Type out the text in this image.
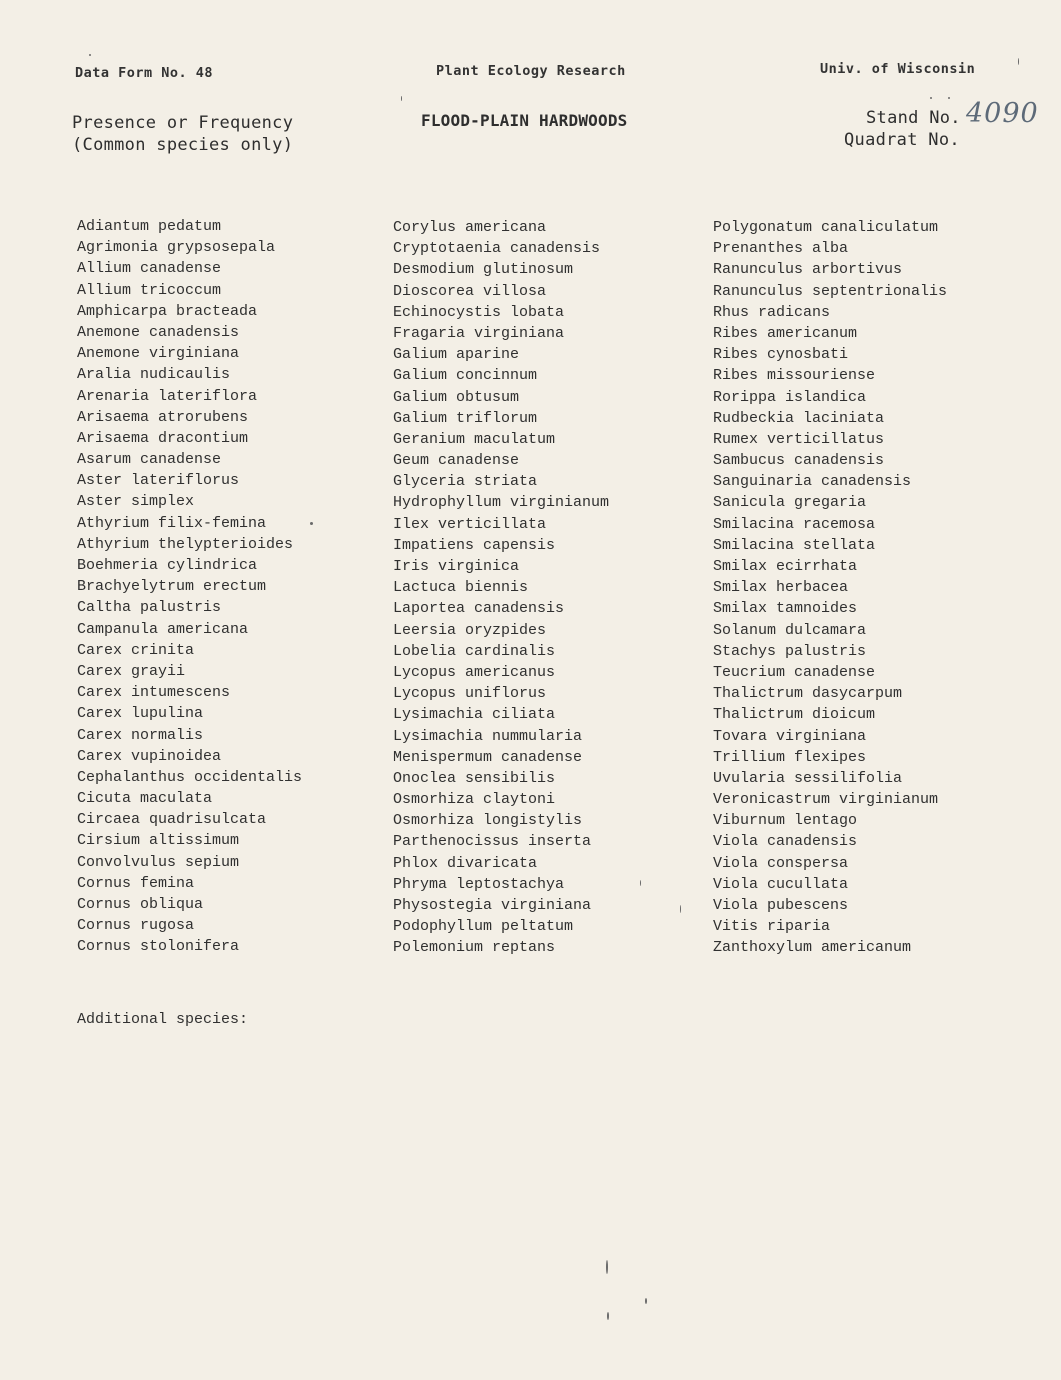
Data Form No. 48	Plant Ecology Research	Univ. of Wisconsin
Presence or Frequency
(Common species only)
FLOOD-PLAIN HARDWOODS	Stand No. 4090
Quadrat No.
Adiantum pedatum
Agrimonia grypsosepala
Allium canadense
Allium tricoccum
Amphicarpa bracteada
Anemone canadensis
Anemone virginiana
Aralia nudicaulis
Arenaria lateriflora
Arisaema atrorubens
Arisaema dracontium
Asarum canadense
Aster lateriflorus
Aster simplex
Athyrium filix-femina
Athyrium thelypterioides
Boehmeria cylindrica
Brachyelytrum erectum
Caltha palustris
Campanula americana
Carex crinita
Carex grayii
Carex intumescens
Carex lupulina
Carex normalis
Carex vupinoidea
Cephalanthus occidentalis
Cicuta maculata
Circaea quadrisulcata
Cirsium altissimum
Convolvulus sepium
Cornus femina
Cornus obliqua
Cornus rugosa
Cornus stolonifera
Corylus americana
Cryptotaenia canadensis
Desmodium glutinosum
Dioscorea villosa
Echinocystis lobata
Fragaria virginiana
Galium aparine
Galium concinnum
Galium obtusum
Galium triflorum
Geranium maculatum
Geum canadense
Glyceria striata
Hydrophyllum virginianum
Ilex verticillata
Impatiens capensis
Iris virginica
Lactuca biennis
Laportea canadensis
Leersia oryzpides
Lobelia cardinalis
Lycopus americanus
Lycopus uniflorus
Lysimachia ciliata
Lysimachia nummularia
Menispermum canadense
Onoclea sensibilis
Osmorhiza claytoni
Osmorhiza longistylis
Parthenocissus inserta
Phlox divaricata
Phryma leptostachya
Physostegia virginiana
Podophyllum peltatum
Polemonium reptans
Polygonatum canaliculatum
Prenanthes alba
Ranunculus arbortivus
Ranunculus septentrionalis
Rhus radicans
Ribes americanum
Ribes cynosbati
Ribes missouriense
Rorippa islandica
Rudbeckia laciniata
Rumex verticillatus
Sambucus canadensis
Sanguinaria canadensis
Sanicula gregaria
Smilacina racemosa
Smilacina stellata
Smilax ecirrhata
Smilax herbacea
Smilax tamnoides
Solanum dulcamara
Stachys palustris
Teucrium canadense
Thalictrum dasycarpum
Thalictrum dioicum
Tovara virginiana
Trillium flexipes
Uvularia sessilifolia
Veronicastrum virginianum
Viburnum lentago
Viola canadensis
Viola conspersa
Viola cucullata
Viola pubescens
Vitis riparia
Zanthoxylum americanum
Additional species:
